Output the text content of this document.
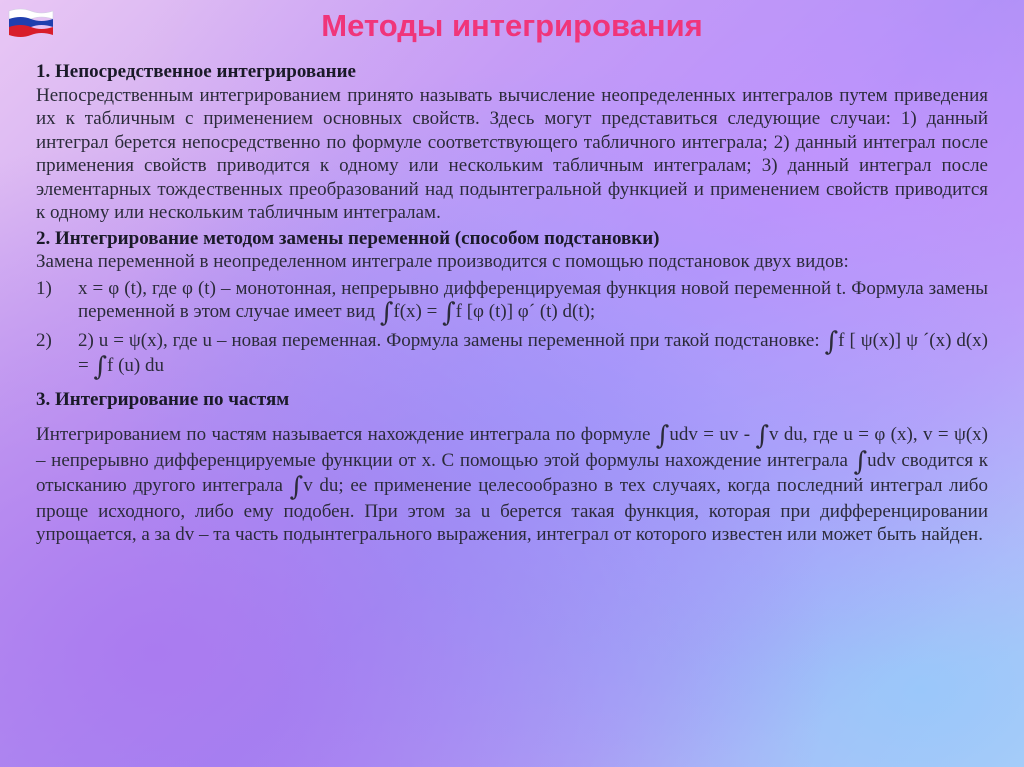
Методы интегрирования
1. Непосредственное интегрирование
Непосредственным интегрированием принято называть вычисление неопределенных интегралов путем приведения их к табличным с применением основных свойств. Здесь могут представиться следующие случаи: 1) данный интеграл берется непосредственно по формуле соответствующего табличного интеграла; 2) данный интеграл после применения свойств приводится к одному или нескольким табличным интегралам; 3) данный интеграл после элементарных тождественных преобразований над подынтегральной функцией и применением свойств приводится к одному или нескольким табличным интегралам.
2. Интегрирование методом замены переменной (способом подстановки)
Замена переменной в неопределенном интеграле производится с помощью подстановок двух видов:
1)	x = φ (t), где φ (t) – монотонная, непрерывно дифференцируемая функция новой переменной t. Формула замены переменной в этом случае имеет вид ∫f(x) = ∫f [φ (t)] φ´ (t) d(t);
2)	2) u = ψ(x), где u – новая переменная. Формула замены переменной при такой подстановке: ∫f [ ψ(x)] ψ ´(x) d(x) = ∫f (u) du
3. Интегрирование по частям
Интегрированием по частям называется нахождение интеграла по формуле ∫udv = uv - ∫v du, где u = φ (x), v = ψ(x) – непрерывно дифференцируемые функции от x. С помощью этой формулы нахождение интеграла ∫udv сводится к отысканию другого интеграла ∫v du; ее применение целесообразно в тех случаях, когда последний интеграл либо проще исходного, либо ему подобен. При этом за u берется такая функция, которая при дифференцировании упрощается, а за dv – та часть подынтегрального выражения, интеграл от которого известен или может быть найден.
